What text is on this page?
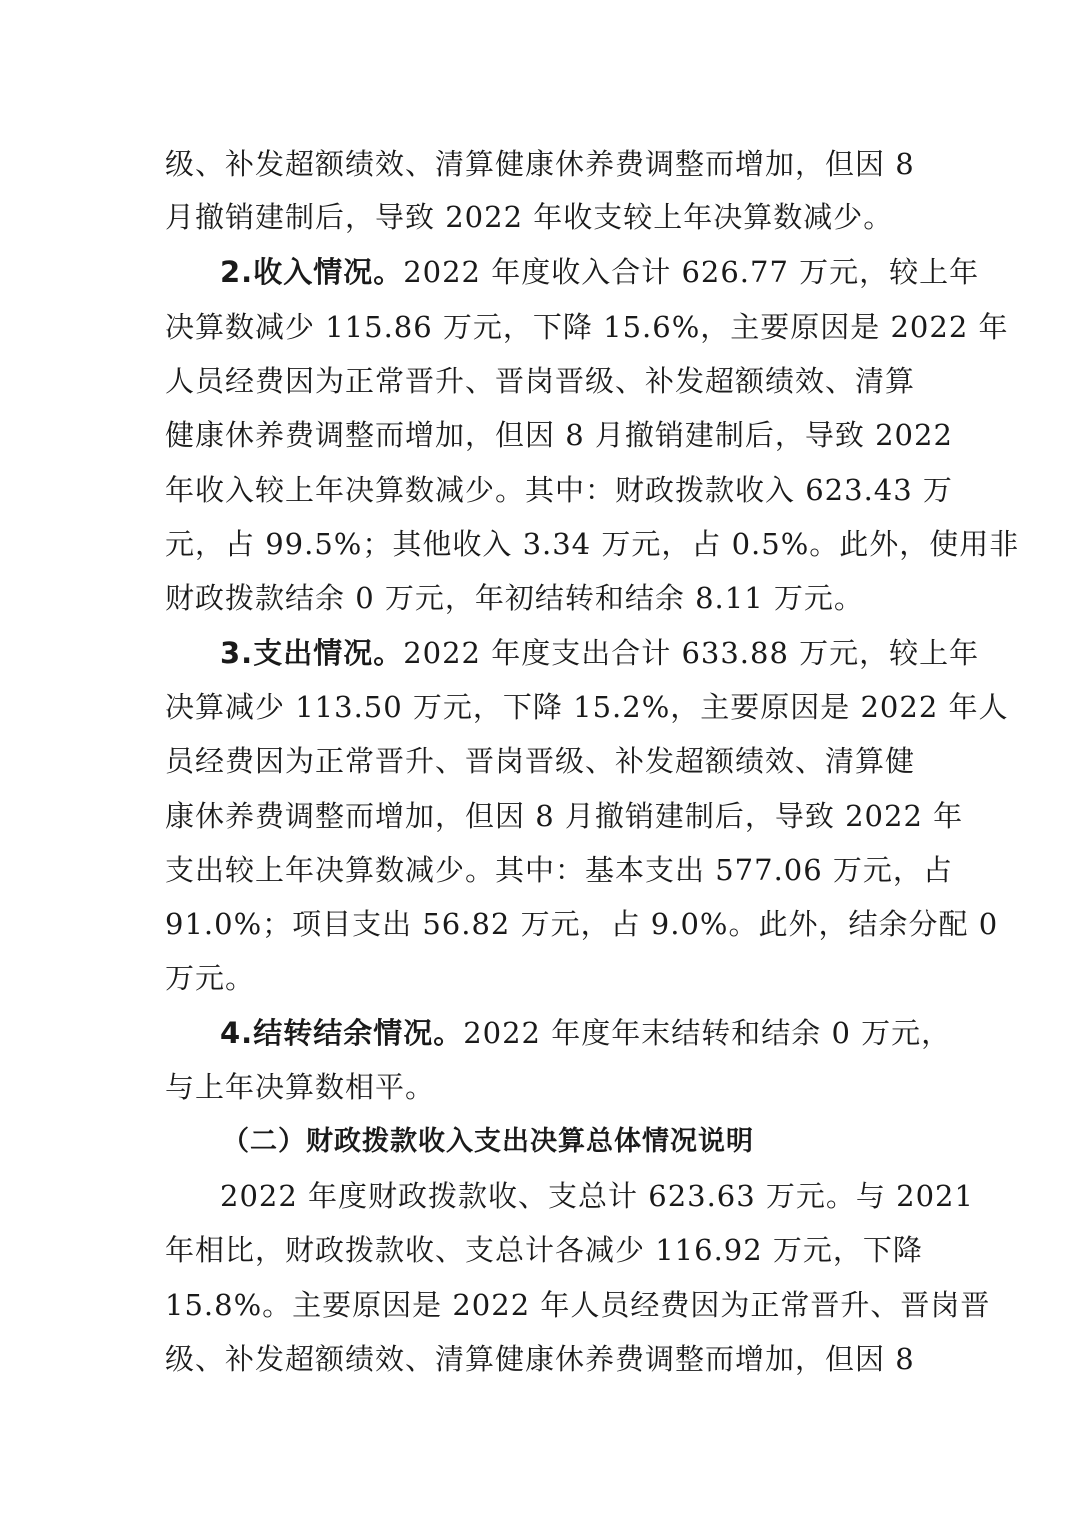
级、补发超额绩效、清算健康休养费调整而增加，但因 8
月撤销建制后，导致 2022 年收支较上年决算数减少。
2.收入情况。2022 年度收入合计 626.77 万元，较上年
决算数减少 115.86 万元，下降 15.6%，主要原因是 2022 年
人员经费因为正常晋升、晋岗晋级、补发超额绩效、清算
健康休养费调整而增加，但因 8 月撤销建制后，导致 2022
年收入较上年决算数减少。其中：财政拨款收入 623.43 万
元，占 99.5%；其他收入 3.34 万元，占 0.5%。此外，使用非
财政拨款结余 0 万元，年初结转和结余 8.11 万元。
3.支出情况。2022 年度支出合计 633.88 万元，较上年
决算减少 113.50 万元，下降 15.2%，主要原因是 2022 年人
员经费因为正常晋升、晋岗晋级、补发超额绩效、清算健
康休养费调整而增加，但因 8 月撤销建制后，导致 2022 年
支出较上年决算数减少。其中：基本支出 577.06 万元，占
91.0%；项目支出 56.82 万元，占 9.0%。此外，结余分配 0
万元。
4.结转结余情况。2022 年度年末结转和结余 0 万元，
与上年决算数相平。
（二）财政拨款收入支出决算总体情况说明
2022 年度财政拨款收、支总计 623.63 万元。与 2021
年相比，财政拨款收、支总计各减少 116.92 万元，下降
15.8%。主要原因是 2022 年人员经费因为正常晋升、晋岗晋
级、补发超额绩效、清算健康休养费调整而增加，但因 8
